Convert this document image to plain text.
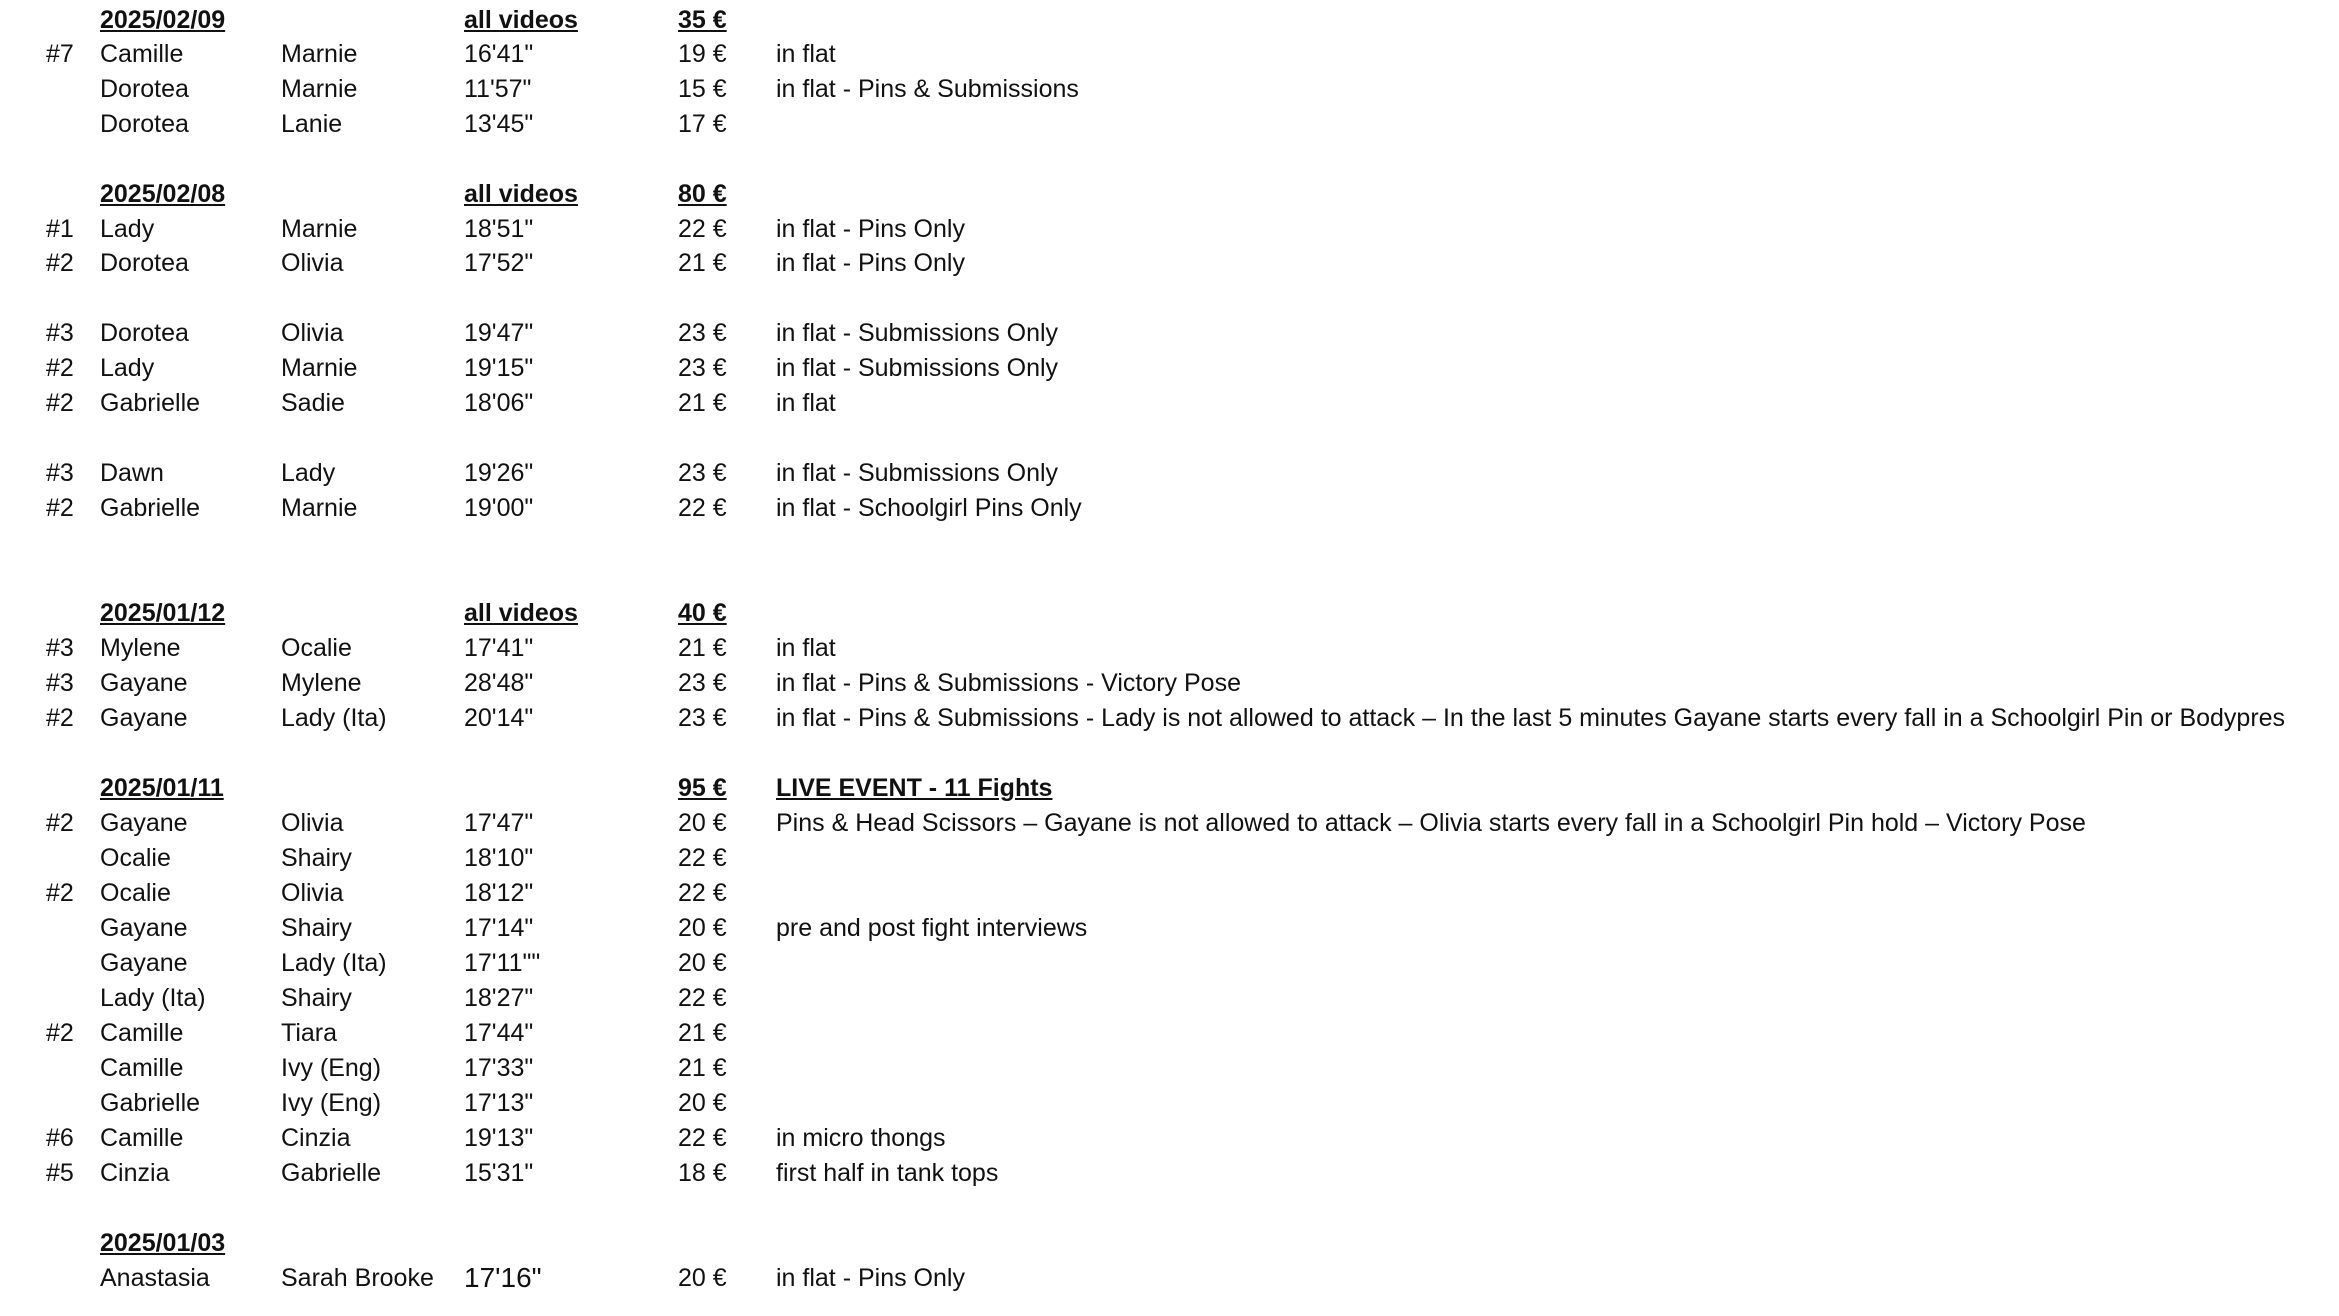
2025/02/09	all videos	35 €
#7 Camille	Marnie	16'41"	19 € in flat
Dorotea	Marnie	11'57"	15 € in flat - Pins & Submissions
Dorotea	Lanie	13'45"	17 €
2025/02/08	all videos	80 €
#1 Lady	Marnie	18'51"	22 € in flat - Pins Only
#2 Dorotea	Olivia	17'52"	21 € in flat - Pins Only
#3 Dorotea	Olivia	19'47"	23 € in flat - Submissions Only
#2 Lady	Marnie	19'15"	23 € in flat - Submissions Only
#2 Gabrielle	Sadie	18'06"	21 € in flat
#3 Dawn	Lady	19'26"	23 € in flat - Submissions Only
#2 Gabrielle	Marnie	19'00"	22 € in flat - Schoolgirl Pins Only
2025/01/12	all videos	40 €
#3 Mylene	Ocalie	17'41"	21 € in flat
#3 Gayane	Mylene	28'48"	23 € in flat - Pins & Submissions - Victory Pose
#2 Gayane	Lady (Ita)	20'14"	23 € in flat - Pins & Submissions - Lady is not allowed to attack – In the last 5 minutes Gayane starts every fall in a Schoolgirl Pin or Bodypres
2025/01/11	95 € LIVE EVENT - 11 Fights
#2 Gayane	Olivia	17'47"	20 € Pins & Head Scissors – Gayane is not allowed to attack – Olivia starts every fall in a Schoolgirl Pin hold – Victory Pose
Ocalie	Shairy	18'10"	22 €
#2 Ocalie	Olivia	18'12"	22 €
Gayane	Shairy	17'14"	20 € pre and post fight interviews
Gayane	Lady (Ita)	17'11""	20 €
Lady (Ita)	Shairy	18'27"	22 €
#2 Camille	Tiara	17'44"	21 €
Camille	Ivy (Eng)	17'33"	21 €
Gabrielle	Ivy (Eng)	17'13"	20 €
#6 Camille	Cinzia	19'13"	22 € in micro thongs
#5 Cinzia	Gabrielle	15'31"	18 € first half in tank tops
2025/01/03
Anastasia	Sarah Brooke 17'16"	20 € in flat - Pins Only
